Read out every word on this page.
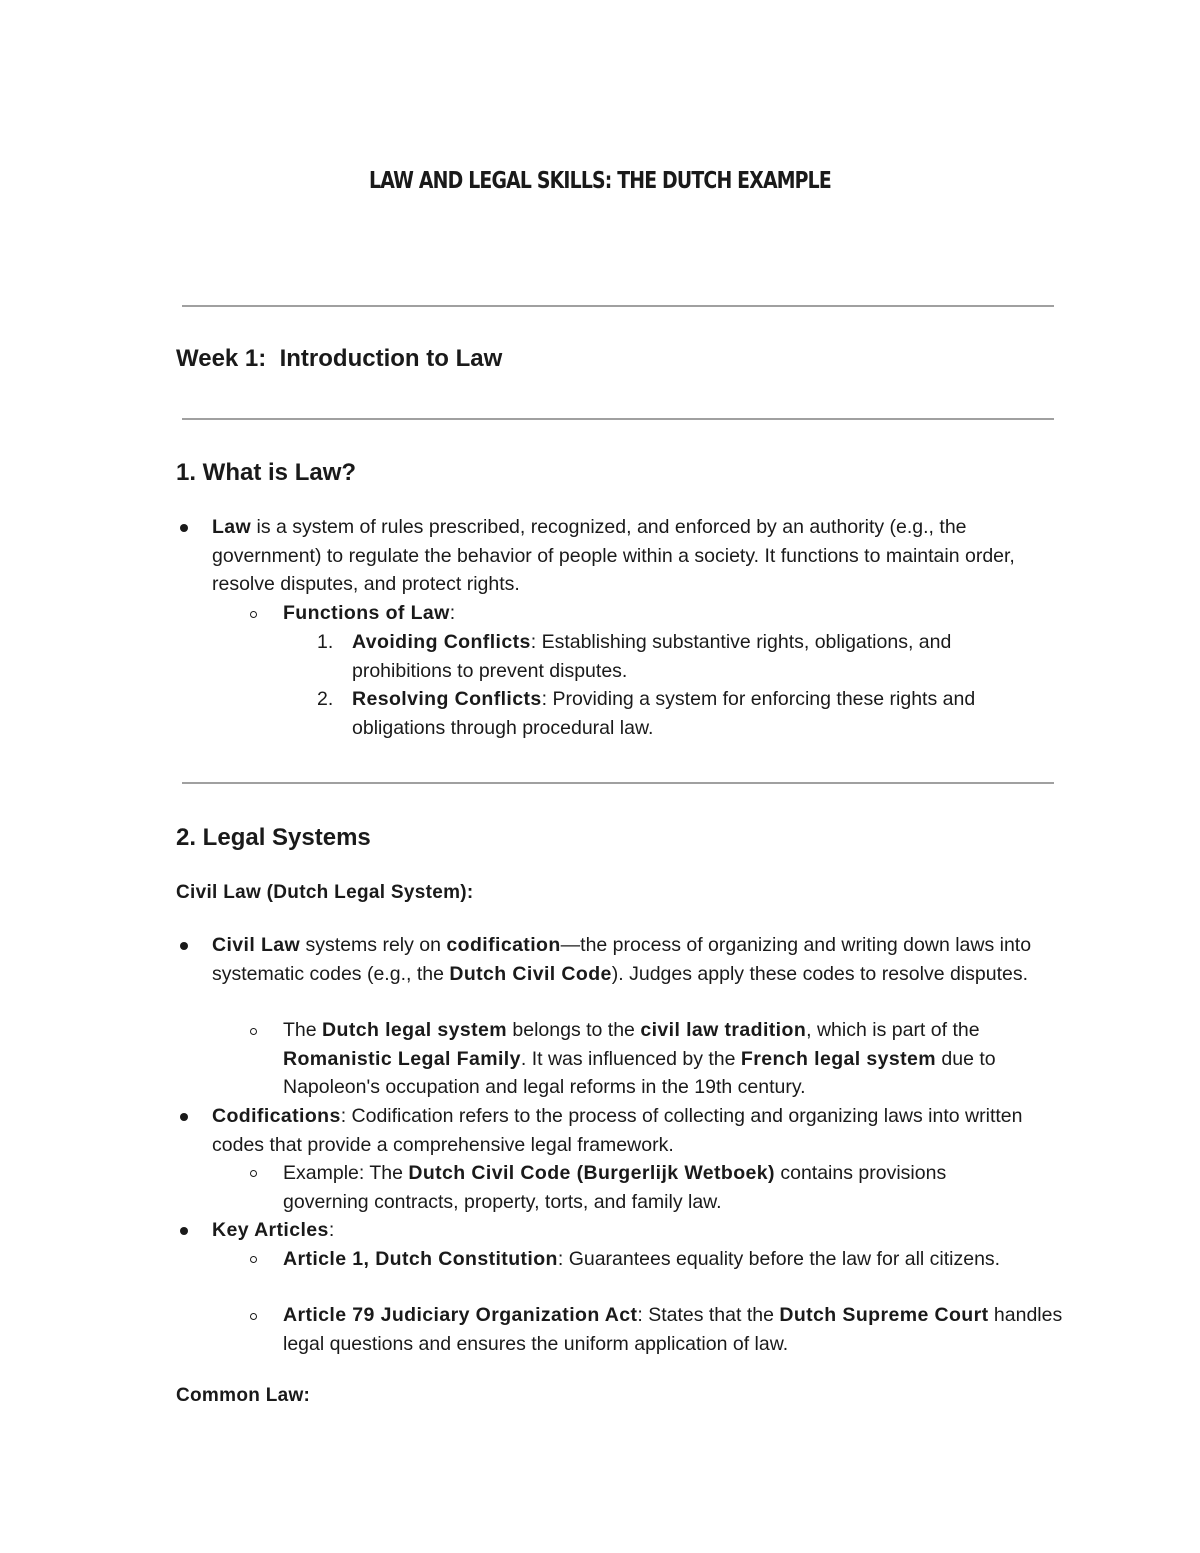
LAW AND LEGAL SKILLS: THE DUTCH EXAMPLE
Week 1:  Introduction to Law
1. What is Law?
Law is a system of rules prescribed, recognized, and enforced by an authority (e.g., the government) to regulate the behavior of people within a society. It functions to maintain order, resolve disputes, and protect rights.
Functions of Law:
1. Avoiding Conflicts: Establishing substantive rights, obligations, and prohibitions to prevent disputes.
2. Resolving Conflicts: Providing a system for enforcing these rights and obligations through procedural law.
2. Legal Systems
Civil Law (Dutch Legal System):
Civil Law systems rely on codification—the process of organizing and writing down laws into systematic codes (e.g., the Dutch Civil Code). Judges apply these codes to resolve disputes.
The Dutch legal system belongs to the civil law tradition, which is part of the Romanistic Legal Family. It was influenced by the French legal system due to Napoleon's occupation and legal reforms in the 19th century.
Codifications: Codification refers to the process of collecting and organizing laws into written codes that provide a comprehensive legal framework.
Example: The Dutch Civil Code (Burgerlijk Wetboek) contains provisions governing contracts, property, torts, and family law.
Key Articles:
Article 1, Dutch Constitution: Guarantees equality before the law for all citizens.
Article 79 Judiciary Organization Act: States that the Dutch Supreme Court handles legal questions and ensures the uniform application of law.
Common Law:
